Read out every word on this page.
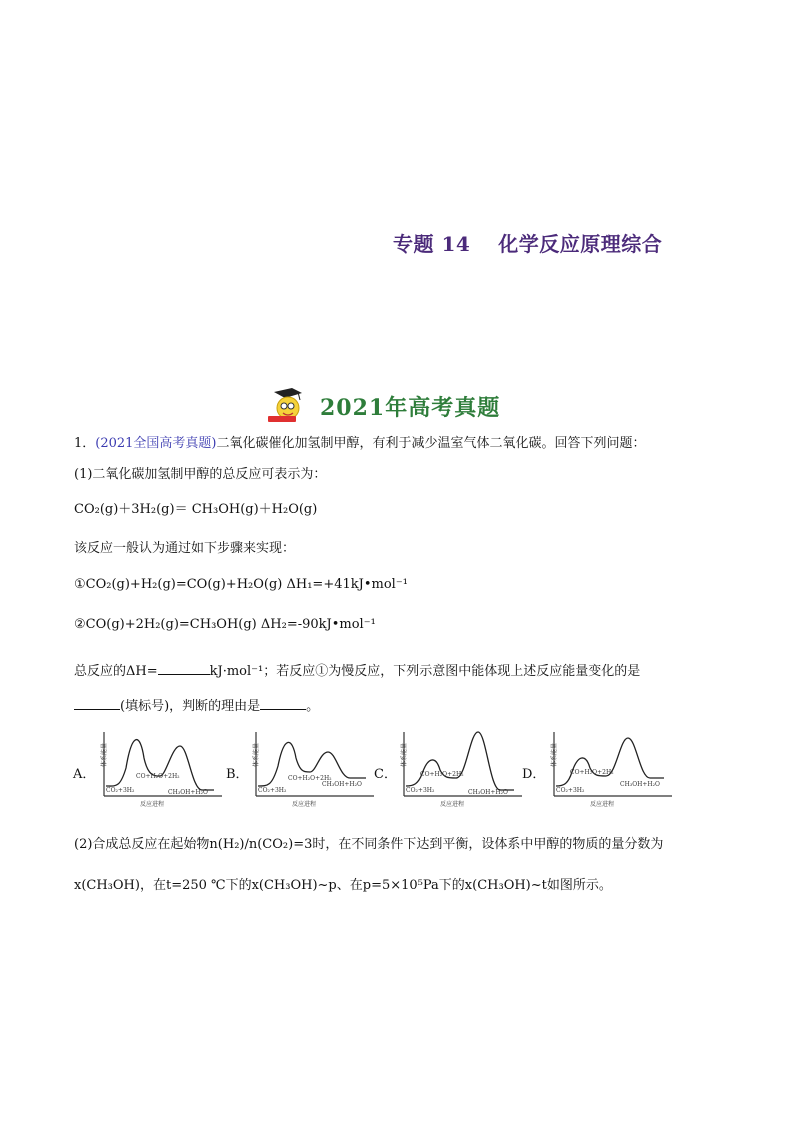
专题 14 化学反应原理综合
2021年高考真题
1．(2021全国高考真题)二氧化碳催化加氢制甲醇，有利于减少温室气体二氧化碳。回答下列问题：
(1)二氧化碳加氢制甲醇的总反应可表示为：
CO₂(g)＋3H₂(g)＝ CH₃OH(g)＋H₂O(g)
该反应一般认为通过如下步骤来实现：
①CO₂(g)+H₂(g)=CO(g)+H₂O(g) ΔH₁=+41kJ•mol⁻¹
②CO(g)+2H₂(g)=CH₃OH(g) ΔH₂=-90kJ•mol⁻¹
总反应的ΔH=	kJ·mol⁻¹；若反应①为慢反应，下列示意图中能体现上述反应能量变化的是
(填标号)，判断的理由是	。
A．	B．	C．	D．
体系能量
CO+H₂O+2H₂
CO₂+3H₂	CH₃OH+H₂O
反应进程
体系能量
CO+H₂O+2H₂
CO₂+3H₂
CH₃OH+H₂O
反应进程
体系能量
CO+H₂O+2H₂
CO₂+3H₂	CH₃OH+H₂O
反应进程
体系能量
CO+H₂O+2H₂
CO₂+3H₂
CH₃OH+H₂O
反应进程
(2)合成总反应在起始物n(H₂)/n(CO₂)=3时，在不同条件下达到平衡，设体系中甲醇的物质的量分数为
x(CH₃OH)，在t=250 ℃下的x(CH₃OH)~p、在p=5×10⁵Pa下的x(CH₃OH)~t如图所示。
